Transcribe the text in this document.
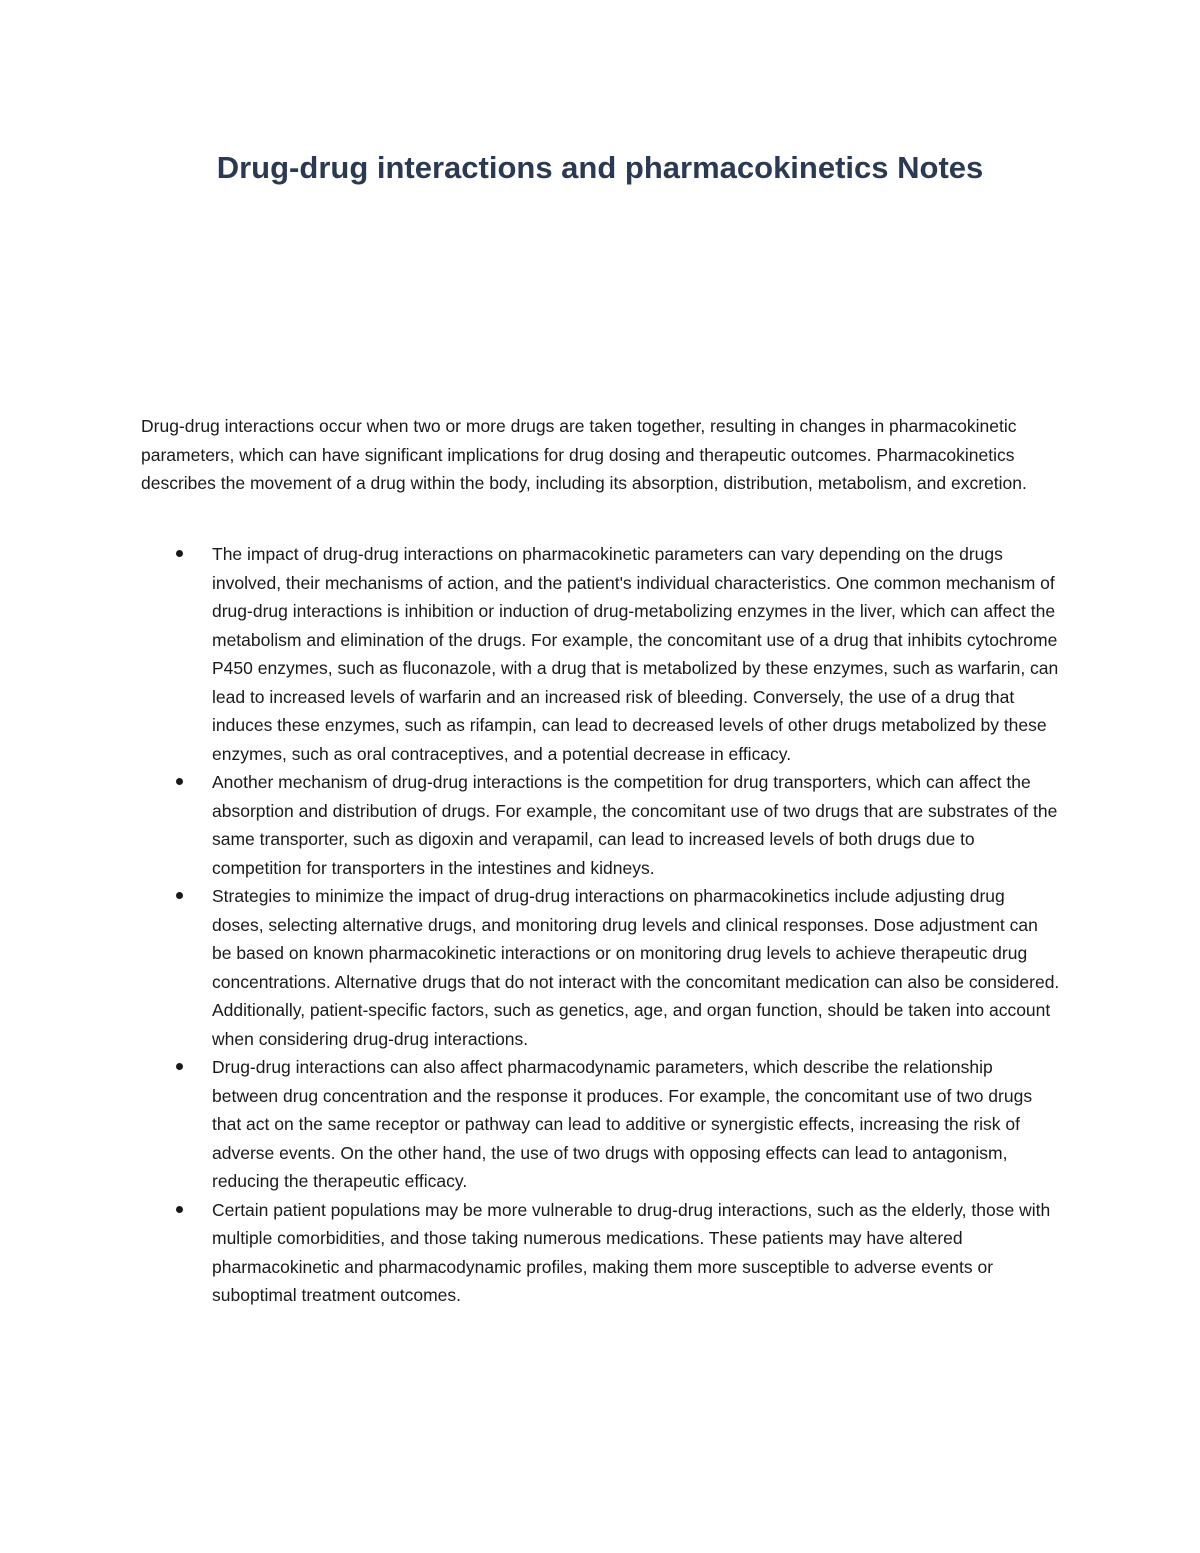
Drug-drug interactions and pharmacokinetics Notes

Drug-drug interactions occur when two or more drugs are taken together, resulting in changes in pharmacokinetic parameters, which can have significant implications for drug dosing and therapeutic outcomes. Pharmacokinetics describes the movement of a drug within the body, including its absorption, distribution, metabolism, and excretion.

The impact of drug-drug interactions on pharmacokinetic parameters can vary depending on the drugs involved, their mechanisms of action, and the patient's individual characteristics. One common mechanism of drug-drug interactions is inhibition or induction of drug-metabolizing enzymes in the liver, which can affect the metabolism and elimination of the drugs. For example, the concomitant use of a drug that inhibits cytochrome P450 enzymes, such as fluconazole, with a drug that is metabolized by these enzymes, such as warfarin, can lead to increased levels of warfarin and an increased risk of bleeding. Conversely, the use of a drug that induces these enzymes, such as rifampin, can lead to decreased levels of other drugs metabolized by these enzymes, such as oral contraceptives, and a potential decrease in efficacy.
Another mechanism of drug-drug interactions is the competition for drug transporters, which can affect the absorption and distribution of drugs. For example, the concomitant use of two drugs that are substrates of the same transporter, such as digoxin and verapamil, can lead to increased levels of both drugs due to competition for transporters in the intestines and kidneys.
Strategies to minimize the impact of drug-drug interactions on pharmacokinetics include adjusting drug doses, selecting alternative drugs, and monitoring drug levels and clinical responses. Dose adjustment can be based on known pharmacokinetic interactions or on monitoring drug levels to achieve therapeutic drug concentrations. Alternative drugs that do not interact with the concomitant medication can also be considered. Additionally, patient-specific factors, such as genetics, age, and organ function, should be taken into account when considering drug-drug interactions.
Drug-drug interactions can also affect pharmacodynamic parameters, which describe the relationship between drug concentration and the response it produces. For example, the concomitant use of two drugs that act on the same receptor or pathway can lead to additive or synergistic effects, increasing the risk of adverse events. On the other hand, the use of two drugs with opposing effects can lead to antagonism, reducing the therapeutic efficacy.
Certain patient populations may be more vulnerable to drug-drug interactions, such as the elderly, those with multiple comorbidities, and those taking numerous medications. These patients may have altered pharmacokinetic and pharmacodynamic profiles, making them more susceptible to adverse events or suboptimal treatment outcomes.
